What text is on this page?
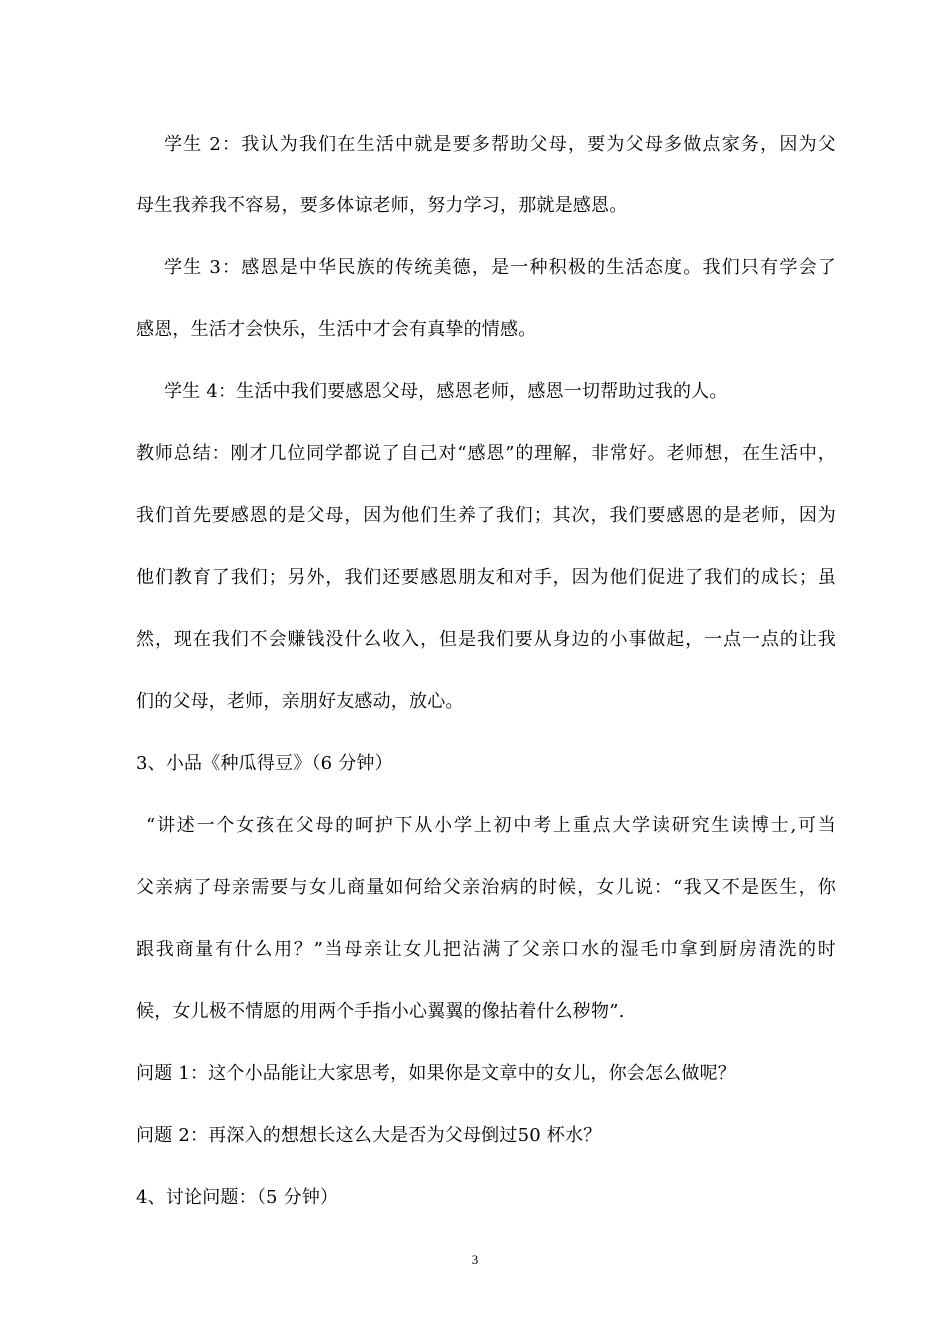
学生 2：我认为我们在生活中就是要多帮助父母，要为父母多做点家务，因为父
母生我养我不容易，要多体谅老师，努力学习，那就是感恩。
学生 3：感恩是中华民族的传统美德，是一种积极的生活态度。我们只有学会了
感恩，生活才会快乐，生活中才会有真挚的情感。
学生 4：生活中我们要感恩父母，感恩老师，感恩一切帮助过我的人。
教师总结：刚才几位同学都说了自己对“感恩”的理解，非常好。老师想，在生活中，
我们首先要感恩的是父母，因为他们生养了我们；其次，我们要感恩的是老师，因为
他们教育了我们；另外，我们还要感恩朋友和对手，因为他们促进了我们的成长；虽
然，现在我们不会赚钱没什么收入，但是我们要从身边的小事做起，一点一点的让我
们的父母，老师，亲朋好友感动，放心。
3、小品《种瓜得豆》（6 分钟）
“讲述一个女孩在父母的呵护下从小学上初中考上重点大学读研究生读博士,可当
父亲病了母亲需要与女儿商量如何给父亲治病的时候，女儿说：“我又不是医生，你
跟我商量有什么用？”当母亲让女儿把沾满了父亲口水的湿毛巾拿到厨房清洗的时
候，女儿极不情愿的用两个手指小心翼翼的像拈着什么秽物”.
问题 1：这个小品能让大家思考，如果你是文章中的女儿，你会怎么做呢？
问题 2：再深入的想想长这么大是否为父母倒过50 杯水？
4、讨论问题：（5 分钟）
3
